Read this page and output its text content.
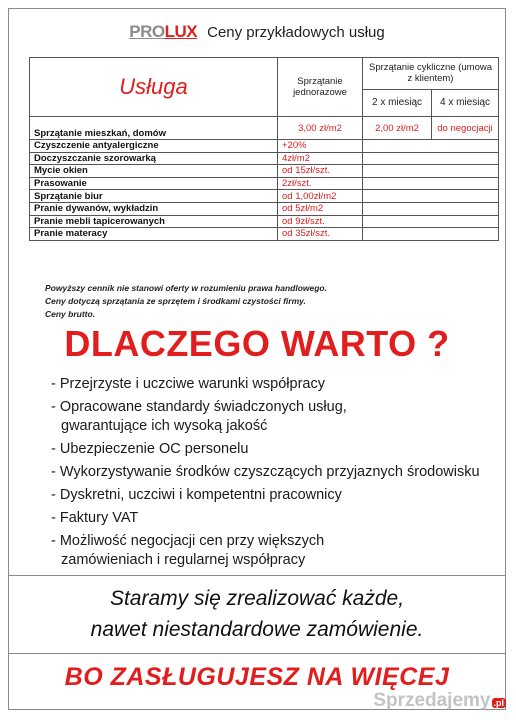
PRO LUX Ceny przykładowych usług
Usługa	Sprzątanie jednorazowe	Sprzątanie cykliczne (umowa z klientem)	
		2 x miesiąc	4 x miesiąc
Sprzątanie mieszkań, domów	3,00 zł/m2	2,00 zł/m2	do negocjacji
Czyszczenie antyalergiczne	+20%		
Doczyszczanie szorowarką	4zł/m2		
Mycie okien	od 15zł/szt.		
Prasowanie	2zł/szt.		
Sprzątanie biur	od 1,00zł/m2		
Pranie dywanów, wykładzin	od 5zł/m2		
Pranie mebli tapicerowanych	od 9zł/szt.		
Pranie materacy	od 35zł/szt.		
Powyższy cennik nie stanowi oferty w rozumieniu prawa handlowego.
Ceny dotyczą sprzątania ze sprzętem i środkami czystości firmy.
Ceny brutto.
DLACZEGO WARTO ?
- Przejrzyste i uczciwe warunki współpracy
- Opracowane standardy świadczonych usług,
gwarantujące ich wysoką jakość
- Ubezpieczenie OC personelu
- Wykorzystywanie środków czyszczących przyjaznych środowisku
- Dyskretni, uczciwi i kompetentni pracownicy
- Faktury VAT
- Możliwość negocjacji cen przy większych
zamówieniach i regularnej współpracy
Staramy się zrealizować każde,
nawet niestandardowe zamówienie.
BO ZASŁUGUJESZ NA WIĘCEJ
Sprzedajemy .pl
